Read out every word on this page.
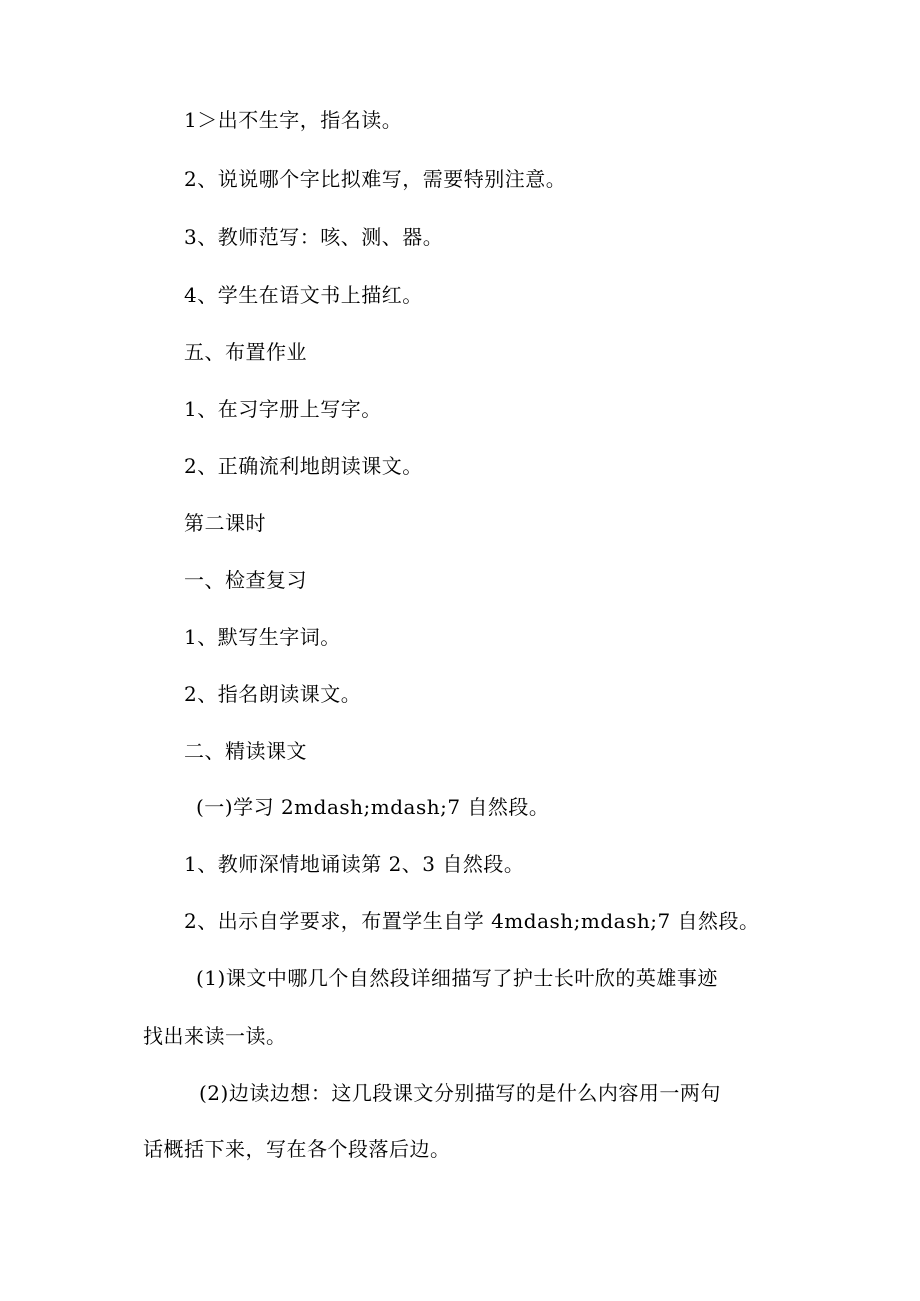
1＞出不生字，指名读。
2、说说哪个字比拟难写，需要特别注意。
3、教师范写：咳、测、器。
4、学生在语文书上描红。
五、布置作业
1、在习字册上写字。
2、正确流利地朗读课文。
第二课时
一、检查复习
1、默写生字词。
2、指名朗读课文。
二、精读课文
(一)学习 2mdash;mdash;7 自然段。
1、教师深情地诵读第 2、3 自然段。
2、出示自学要求，布置学生自学 4mdash;mdash;7 自然段。
(1)课文中哪几个自然段详细描写了护士长叶欣的英雄事迹
找出来读一读。
(2)边读边想：这几段课文分别描写的是什么内容用一两句
话概括下来，写在各个段落后边。
